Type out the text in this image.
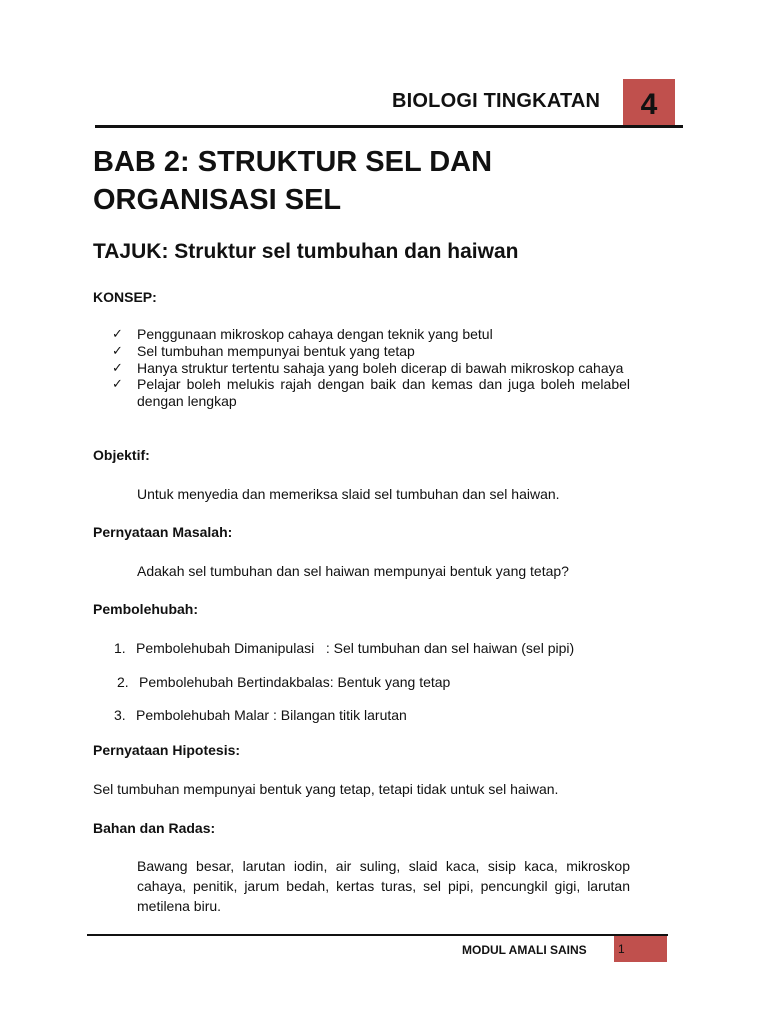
BIOLOGI TINGKATAN	4
BAB 2: STRUKTUR SEL DAN
ORGANISASI SEL
TAJUK: Struktur sel tumbuhan dan haiwan
KONSEP:
✓ Penggunaan mikroskop cahaya dengan teknik yang betul
✓ Sel tumbuhan mempunyai bentuk yang tetap
✓ Hanya struktur tertentu sahaja yang boleh dicerap di bawah mikroskop cahaya
✓ Pelajar boleh melukis rajah dengan baik dan kemas dan juga boleh melabel dengan lengkap
Objektif:
Untuk menyedia dan memeriksa slaid sel tumbuhan dan sel haiwan.
Pernyataan Masalah:
Adakah sel tumbuhan dan sel haiwan mempunyai bentuk yang tetap?
Pembolehubah:
1. Pembolehubah Dimanipulasi   : Sel tumbuhan dan sel haiwan (sel pipi)
2. Pembolehubah Bertindakbalas: Bentuk yang tetap
3. Pembolehubah Malar : Bilangan titik larutan
Pernyataan Hipotesis:
Sel tumbuhan mempunyai bentuk yang tetap, tetapi tidak untuk sel haiwan.
Bahan dan Radas:
Bawang besar, larutan iodin, air suling, slaid kaca, sisip kaca, mikroskop cahaya, penitik, jarum bedah, kertas turas, sel pipi, pencungkil gigi, larutan metilena biru.
MODUL AMALI SAINS	1
